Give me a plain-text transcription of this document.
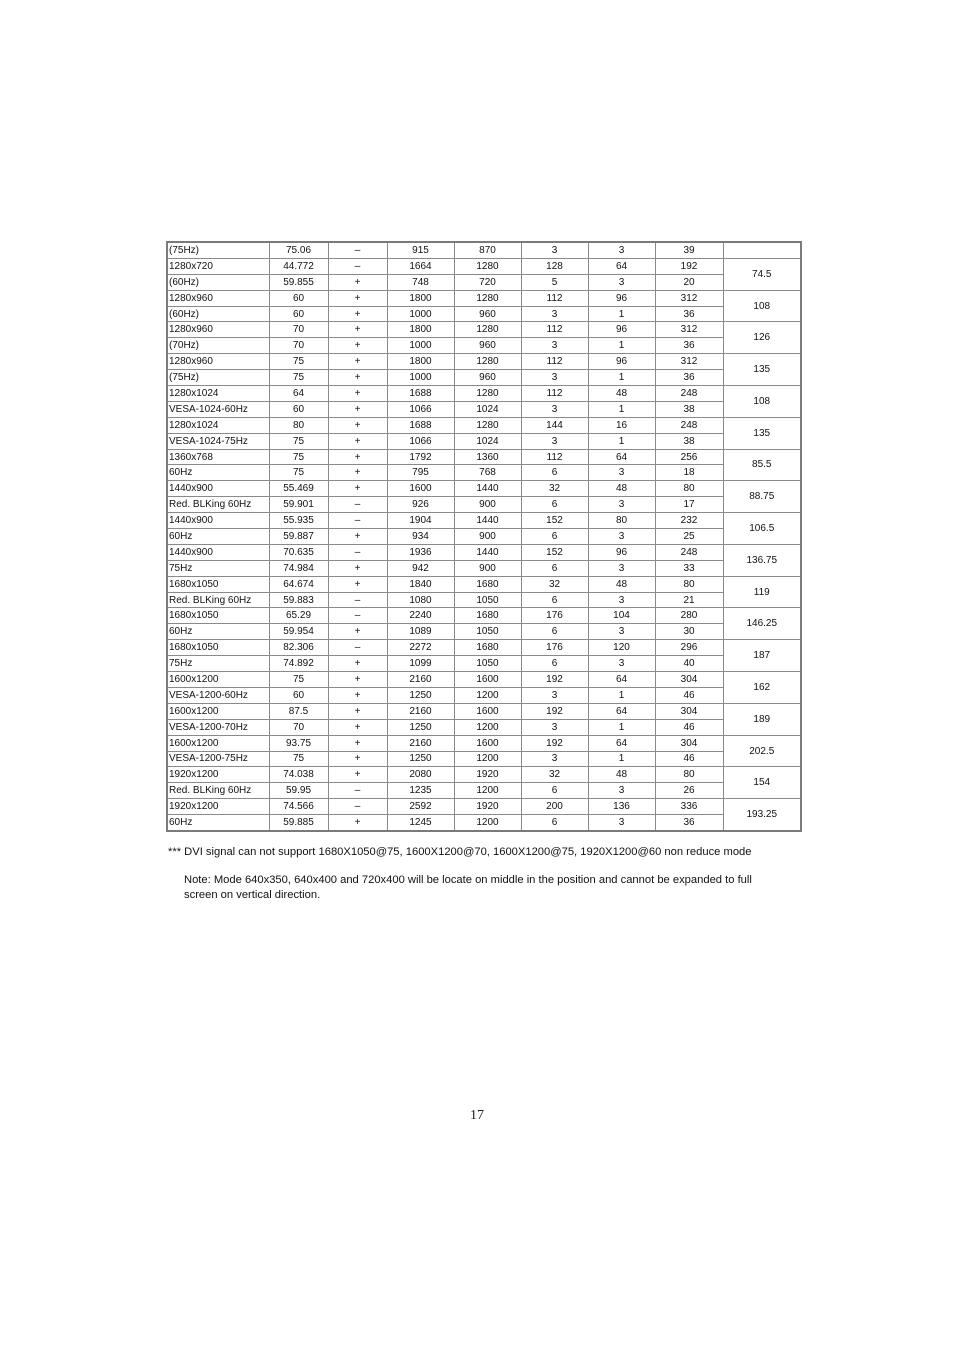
(75Hz)	75.06	–	915	870	3	3	39	
1280x720	44.772	–	1664	1280	128	64	192	74.5
(60Hz)	59.855	+	748	720	5	3	20	
1280x960	60	+	1800	1280	112	96	312	108
(60Hz)	60	+	1000	960	3	1	36	
1280x960	70	+	1800	1280	112	96	312	126
(70Hz)	70	+	1000	960	3	1	36	
1280x960	75	+	1800	1280	112	96	312	135
(75Hz)	75	+	1000	960	3	1	36	
1280x1024	64	+	1688	1280	112	48	248	108
VESA-1024-60Hz	60	+	1066	1024	3	1	38	
1280x1024	80	+	1688	1280	144	16	248	135
VESA-1024-75Hz	75	+	1066	1024	3	1	38	
1360x768	75	+	1792	1360	112	64	256	85.5
60Hz	75	+	795	768	6	3	18	
1440x900	55.469	+	1600	1440	32	48	80	88.75
Red. BLKing 60Hz	59.901	–	926	900	6	3	17	
1440x900	55.935	–	1904	1440	152	80	232	106.5
60Hz	59.887	+	934	900	6	3	25	
1440x900	70.635	–	1936	1440	152	96	248	136.75
75Hz	74.984	+	942	900	6	3	33	
1680x1050	64.674	+	1840	1680	32	48	80	119
Red. BLKing 60Hz	59.883	–	1080	1050	6	3	21	
1680x1050	65.29	–	2240	1680	176	104	280	146.25
60Hz	59.954	+	1089	1050	6	3	30	
1680x1050	82.306	–	2272	1680	176	120	296	187
75Hz	74.892	+	1099	1050	6	3	40	
1600x1200	75	+	2160	1600	192	64	304	162
VESA-1200-60Hz	60	+	1250	1200	3	1	46	
1600x1200	87.5	+	2160	1600	192	64	304	189
VESA-1200-70Hz	70	+	1250	1200	3	1	46	
1600x1200	93.75	+	2160	1600	192	64	304	202.5
VESA-1200-75Hz	75	+	1250	1200	3	1	46	
1920x1200	74.038	+	2080	1920	32	48	80	154
Red. BLKing 60Hz	59.95	–	1235	1200	6	3	26	
1920x1200	74.566	–	2592	1920	200	136	336	193.25
60Hz	59.885	+	1245	1200	6	3	36	
*** DVI signal can not support 1680X1050@75, 1600X1200@70, 1600X1200@75, 1920X1200@60 non reduce mode
Note: Mode 640x350, 640x400 and 720x400 will be locate on middle in the position and cannot be expanded to full screen on vertical direction.
17
